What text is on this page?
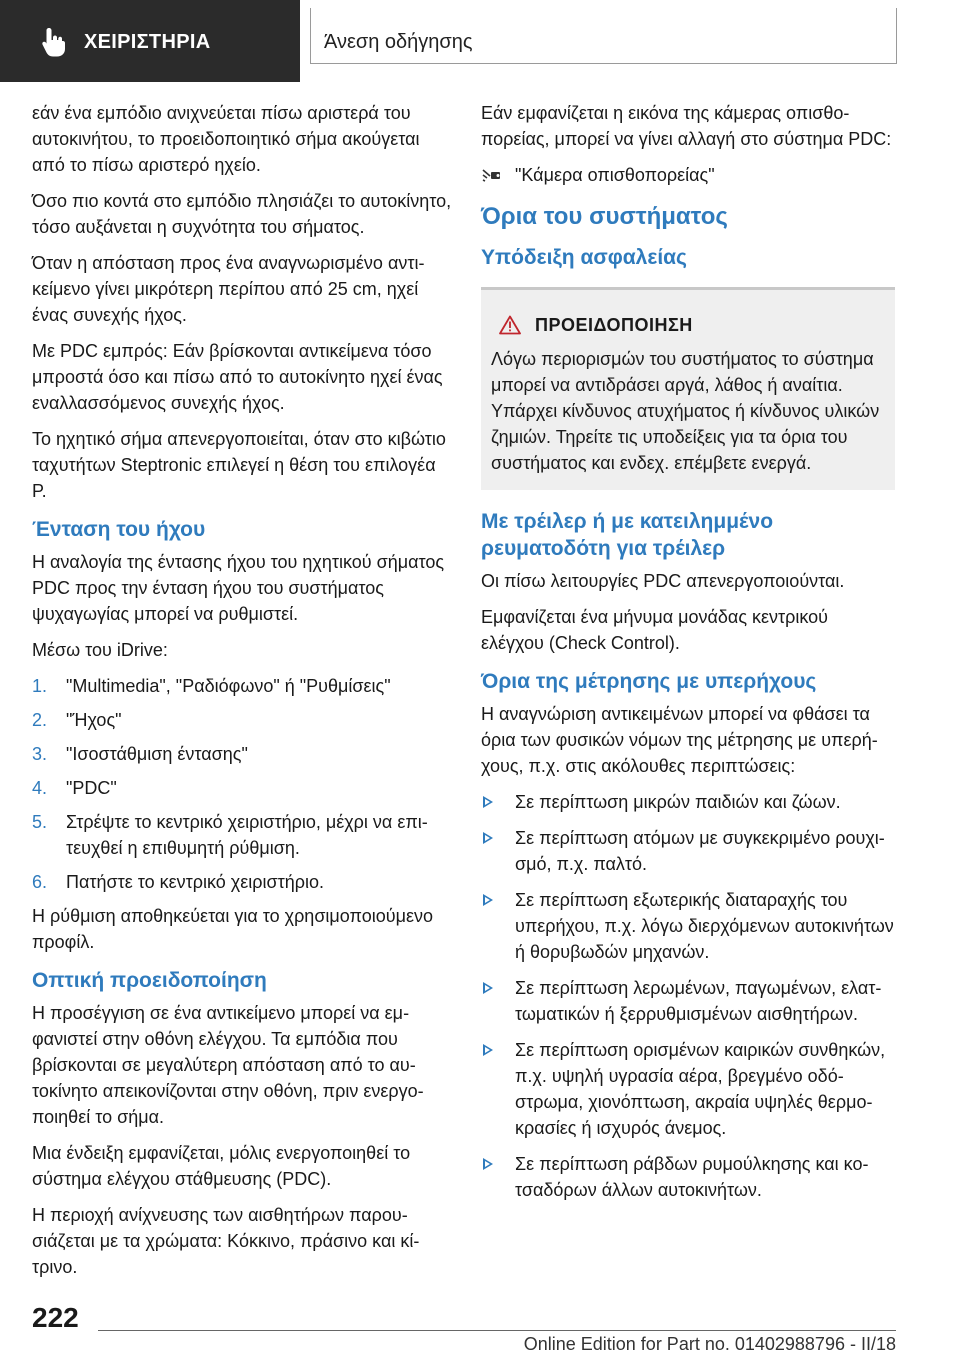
ΧΕΙΡΙΣΤΗΡΙΑ	Άνεση οδήγησης

εάν ένα εμπόδιο ανιχνεύεται πίσω αριστερά του αυτοκινήτου, το προειδοποιητικό σήμα ακούγεται από το πίσω αριστερό ηχείο.

Όσο πιο κοντά στο εμπόδιο πλησιάζει το αυτοκίνητο, τόσο αυξάνεται η συχνότητα του σήματος.

Όταν η απόσταση προς ένα αναγνωρισμένο αντικείμενο γίνει μικρότερη περίπου από 25 cm, ηχεί ένας συνεχής ήχος.

Με PDC εμπρός: Εάν βρίσκονται αντικείμενα τόσο μπροστά όσο και πίσω από το αυτοκίνητο ηχεί ένας εναλλασσόμενος συνεχής ήχος.

Το ηχητικό σήμα απενεργοποιείται, όταν στο κιβώτιο ταχυτήτων Steptronic επιλεγεί η θέση του επιλογέα P.

Ένταση του ήχου

Η αναλογία της έντασης ήχου του ηχητικού σήματος PDC προς την ένταση ήχου του συστήματος ψυχαγωγίας μπορεί να ρυθμιστεί.

Μέσω του iDrive:

1. "Multimedia", "Ραδιόφωνο" ή "Ρυθμίσεις"
2. "Ήχος"
3. "Ισοστάθμιση έντασης"
4. "PDC"
5. Στρέψτε το κεντρικό χειριστήριο, μέχρι να επιτευχθεί η επιθυμητή ρύθμιση.
6. Πατήστε το κεντρικό χειριστήριο.

Η ρύθμιση αποθηκεύεται για το χρησιμοποιούμενο προφίλ.

Οπτική προειδοποίηση

Η προσέγγιση σε ένα αντικείμενο μπορεί να εμφανιστεί στην οθόνη ελέγχου. Τα εμπόδια που βρίσκονται σε μεγαλύτερη απόσταση από το αυτοκίνητο απεικονίζονται στην οθόνη, πριν ενεργοποιηθεί το σήμα.

Μια ένδειξη εμφανίζεται, μόλις ενεργοποιηθεί το σύστημα ελέγχου στάθμευσης (PDC).

Η περιοχή ανίχνευσης των αισθητήρων παρουσιάζεται με τα χρώματα: Κόκκινο, πράσινο και κίτρινο.

Εάν εμφανίζεται η εικόνα της κάμερας οπισθοπορείας, μπορεί να γίνει αλλαγή στο σύστημα PDC:

"Κάμερα οπισθοπορείας"
Όρια του συστήματος
Υπόδειξη ασφαλείας
ΠΡΟΕΙΔΟΠΟΙΗΣΗ

Λόγω περιορισμών του συστήματος το σύστημα μπορεί να αντιδράσει αργά, λάθος ή αναίτια. Υπάρχει κίνδυνος ατυχήματος ή κίνδυνος υλικών ζημιών. Τηρείτε τις υποδείξεις για τα όρια του συστήματος και ενδεχ. επέμβετε ενεργά.

Με τρέιλερ ή με κατειλημμένο ρευματοδότη για τρέιλερ

Οι πίσω λειτουργίες PDC απενεργοποιούνται.

Εμφανίζεται ένα μήνυμα μονάδας κεντρικού ελέγχου (Check Control).

Όρια της μέτρησης με υπερήχους

Η αναγνώριση αντικειμένων μπορεί να φθάσει τα όρια των φυσικών νόμων της μέτρησης με υπερήχους, π.χ. στις ακόλουθες περιπτώσεις:

Σε περίπτωση μικρών παιδιών και ζώων.
Σε περίπτωση ατόμων με συγκεκριμένο ρουχισμό, π.χ. παλτό.
Σε περίπτωση εξωτερικής διαταραχής του υπερήχου, π.χ. λόγω διερχόμενων αυτοκινήτων ή θορυβωδών μηχανών.
Σε περίπτωση λερωμένων, παγωμένων, ελαττωματικών ή ξερρυθμισμένων αισθητήρων.
Σε περίπτωση ορισμένων καιρικών συνθηκών, π.χ. υψηλή υγρασία αέρα, βρεγμένο οδόστρωμα, χιονόπτωση, ακραία υψηλές θερμοκρασίες ή ισχυρός άνεμος.
Σε περίπτωση ράβδων ρυμούλκησης και κοτσαδόρων άλλων αυτοκινήτων.
222
Online Edition for Part no. 01402988796 - II/18
